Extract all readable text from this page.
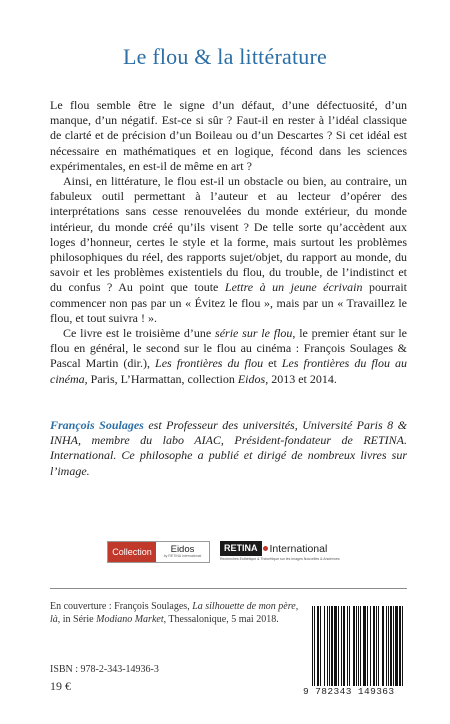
Le flou & la littérature

Le flou semble être le signe d’un défaut, d’une défectuosité, d’un manque, d’un négatif. Est-ce si sûr ? Faut-il en rester à l’idéal classique de clarté et de précision d’un Boileau ou d’un Descartes ? Si cet idéal est nécessaire en mathématiques et en logique, fécond dans les sciences expérimentales, en est-il de même en art ?

Ainsi, en littérature, le flou est-il un obstacle ou bien, au contraire, un fabuleux outil permettant à l’auteur et au lecteur d’opérer des interprétations sans cesse renouvelées du monde extérieur, du monde intérieur, du monde créé qu’ils visent ? De telle sorte qu’accèdent aux loges d’honneur, certes le style et la forme, mais surtout les problèmes philosophiques du réel, des rapports sujet/objet, du rapport au monde, du savoir et les problèmes existentiels du flou, du trouble, de l’indistinct et du confus ? Au point que toute Lettre à un jeune écrivain pourrait commencer non pas par un « Évitez le flou », mais par un « Travaillez le flou, et tout suivra ! ».

Ce livre est le troisième d’une série sur le flou, le premier étant sur le flou en général, le second sur le flou au cinéma : François Soulages & Pascal Martin (dir.), Les frontières du flou et Les frontières du flou au cinéma, Paris, L’Harmattan, collection Eidos, 2013 et 2014.

François Soulages est Professeur des universités, Université Paris 8 & INHA, membre du labo AIAC, Président-fondateur de RETINA. International. Ce philosophe a publié et dirigé de nombreux livres sur l’image.
Collection	Eidos
by RETINA International
RETINA	International
Recherches Esthétique & Théorétique sur les Images Nouvelles & Anciennes
En couverture : François Soulages, La silhouette de mon père, là, in Série Modiano Market, Thessalonique, 5 mai 2018.
ISBN : 978-2-343-14936-3
19 €	9 782343 149363
